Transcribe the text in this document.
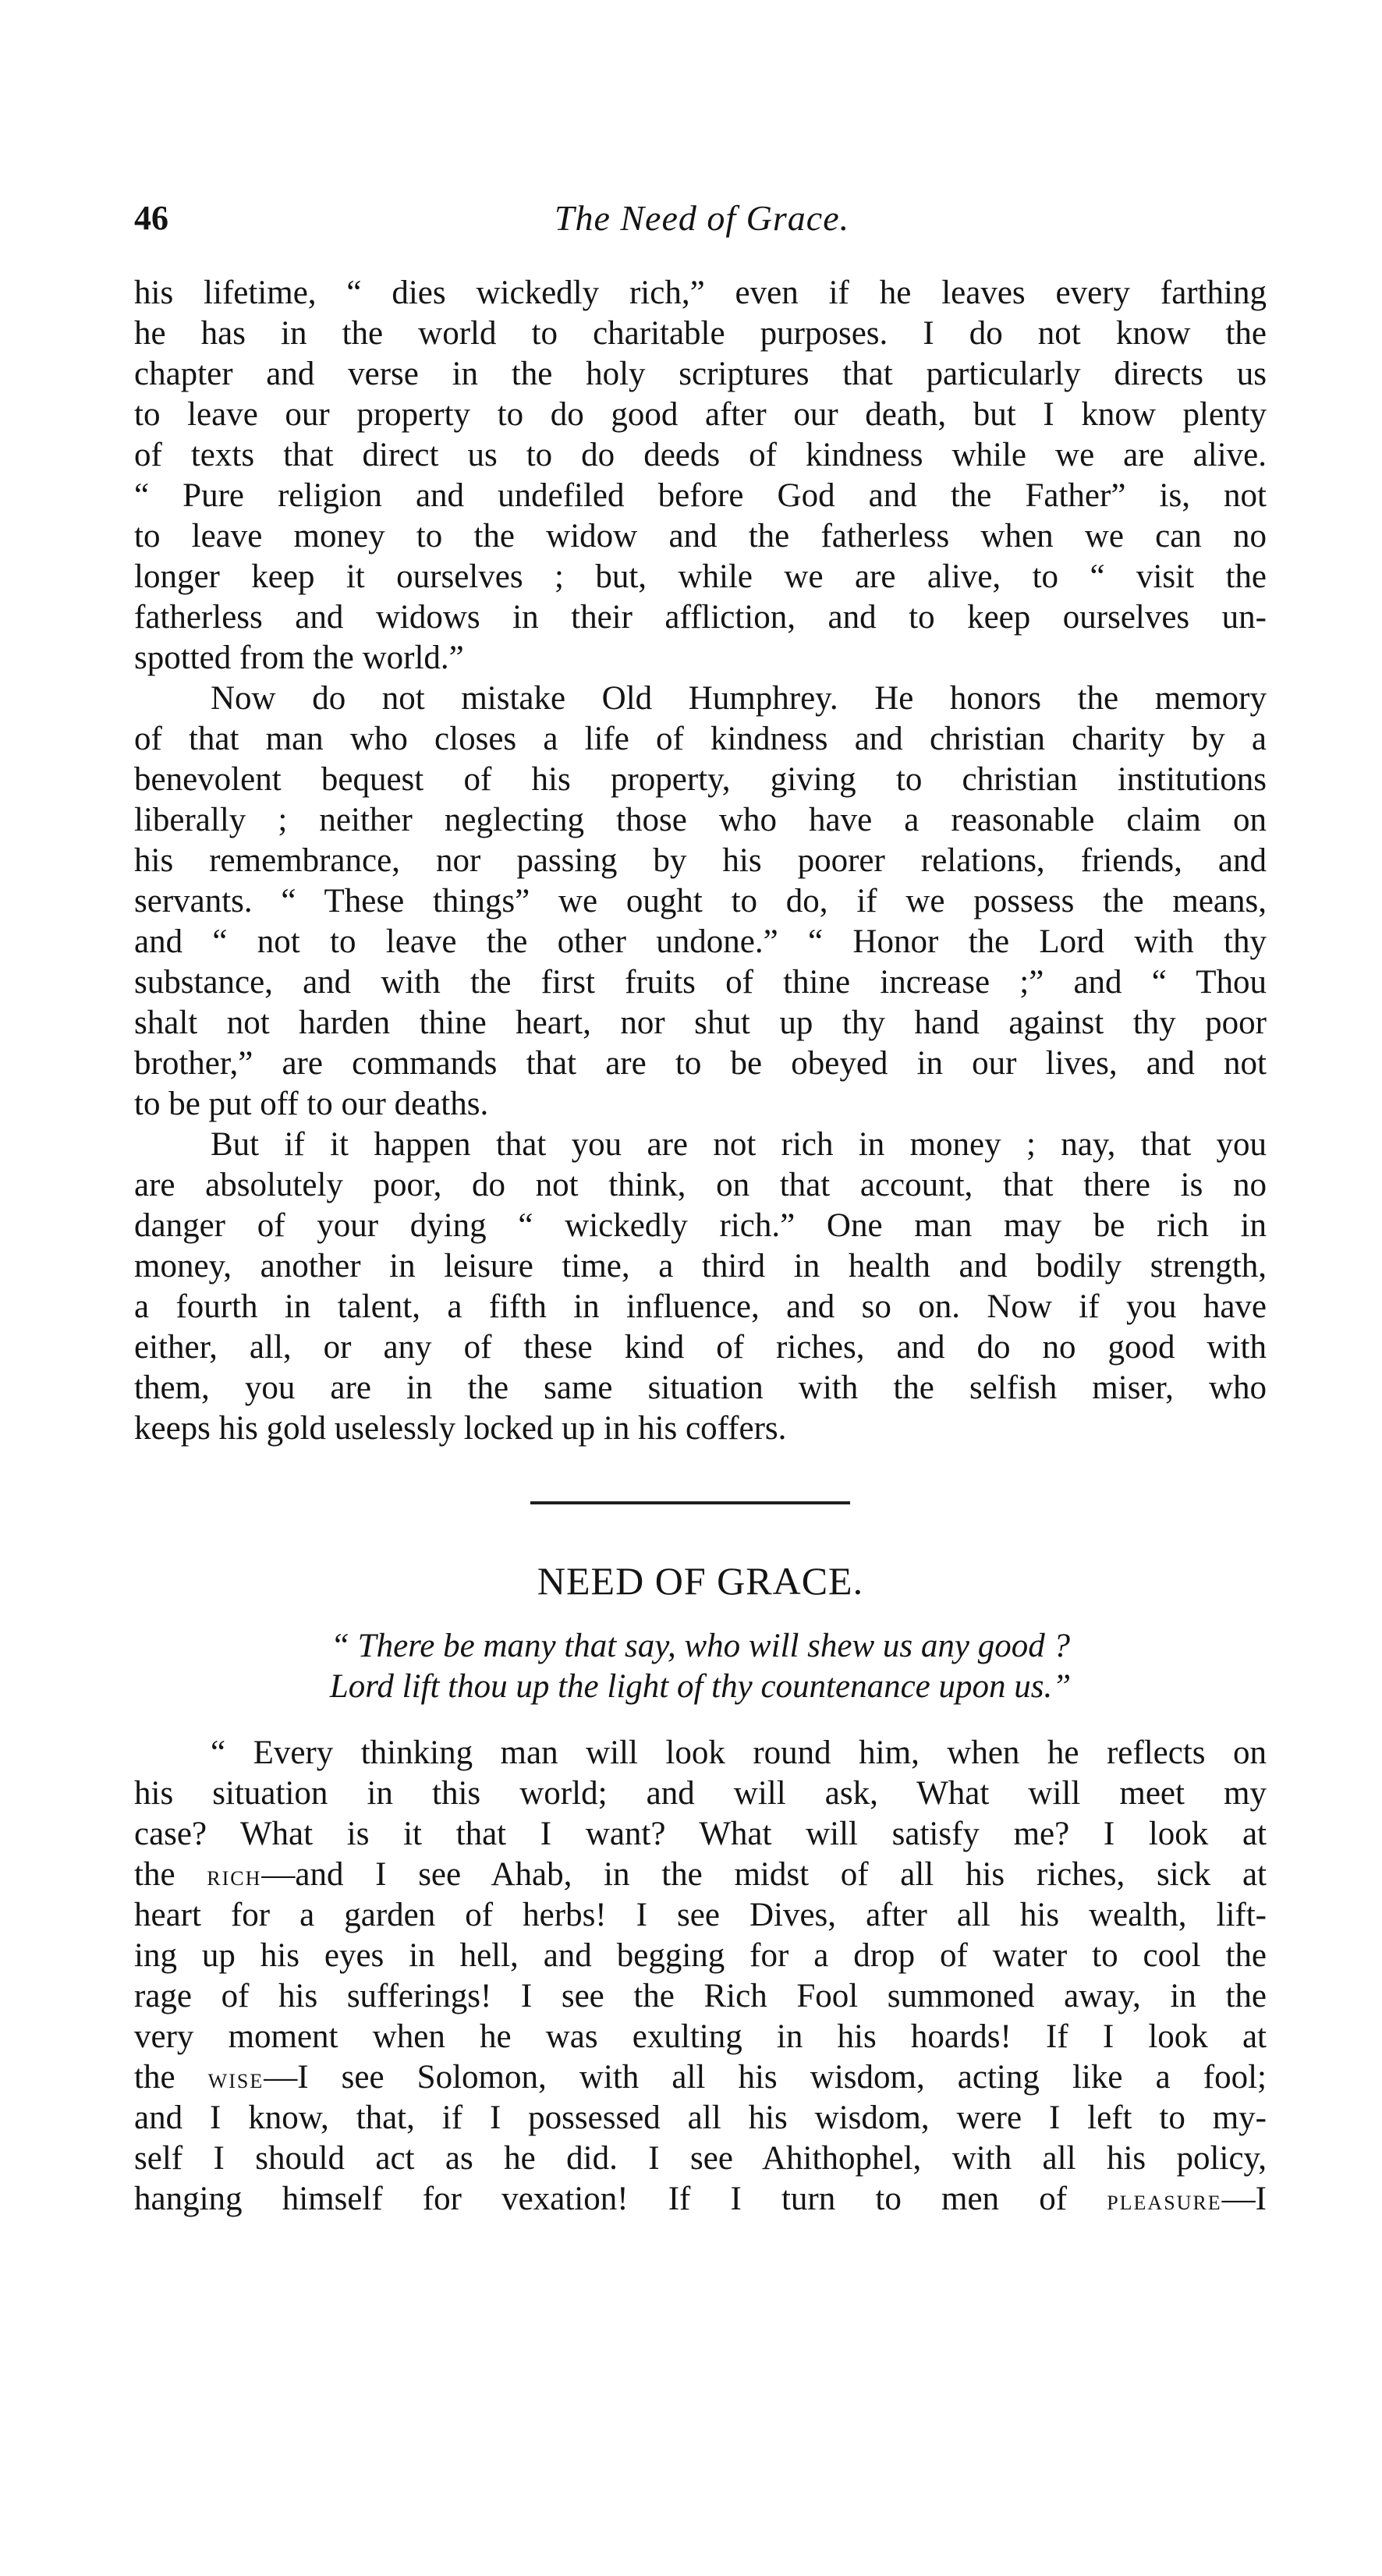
46	The Need of Grace.
his lifetime, “ dies wickedly rich,” even if he leaves every farthing
he has in the world to charitable purposes. I do not know the
chapter and verse in the holy scriptures that particularly directs us
to leave our property to do good after our death, but I know plenty
of texts that direct us to do deeds of kindness while we are alive.
“ Pure religion and undefiled before God and the Father” is, not
to leave money to the widow and the fatherless when we can no
longer keep it ourselves ; but, while we are alive, to “ visit the
fatherless and widows in their affliction, and to keep ourselves un-
spotted from the world.”
Now do not mistake Old Humphrey. He honors the memory
of that man who closes a life of kindness and christian charity by a
benevolent bequest of his property, giving to christian institutions
liberally ; neither neglecting those who have a reasonable claim on
his remembrance, nor passing by his poorer relations, friends, and
servants. “ These things” we ought to do, if we possess the means,
and “ not to leave the other undone.” “ Honor the Lord with thy
substance, and with the first fruits of thine increase ;” and “ Thou
shalt not harden thine heart, nor shut up thy hand against thy poor
brother,” are commands that are to be obeyed in our lives, and not
to be put off to our deaths.
But if it happen that you are not rich in money ; nay, that you
are absolutely poor, do not think, on that account, that there is no
danger of your dying “ wickedly rich.” One man may be rich in
money, another in leisure time, a third in health and bodily strength,
a fourth in talent, a fifth in influence, and so on. Now if you have
either, all, or any of these kind of riches, and do no good with
them, you are in the same situation with the selfish miser, who
keeps his gold uselessly locked up in his coffers.
NEED OF GRACE.
“ There be many that say, who will shew us any good ?
Lord lift thou up the light of thy countenance upon us.”
“ Every thinking man will look round him, when he reflects on
his situation in this world; and will ask, What will meet my
case? What is it that I want? What will satisfy me? I look at
the rich—and I see Ahab, in the midst of all his riches, sick at
heart for a garden of herbs! I see Dives, after all his wealth, lift-
ing up his eyes in hell, and begging for a drop of water to cool the
rage of his sufferings! I see the Rich Fool summoned away, in the
very moment when he was exulting in his hoards! If I look at
the wise—I see Solomon, with all his wisdom, acting like a fool;
and I know, that, if I possessed all his wisdom, were I left to my-
self I should act as he did. I see Ahithophel, with all his policy,
hanging himself for vexation! If I turn to men of pleasure—I
